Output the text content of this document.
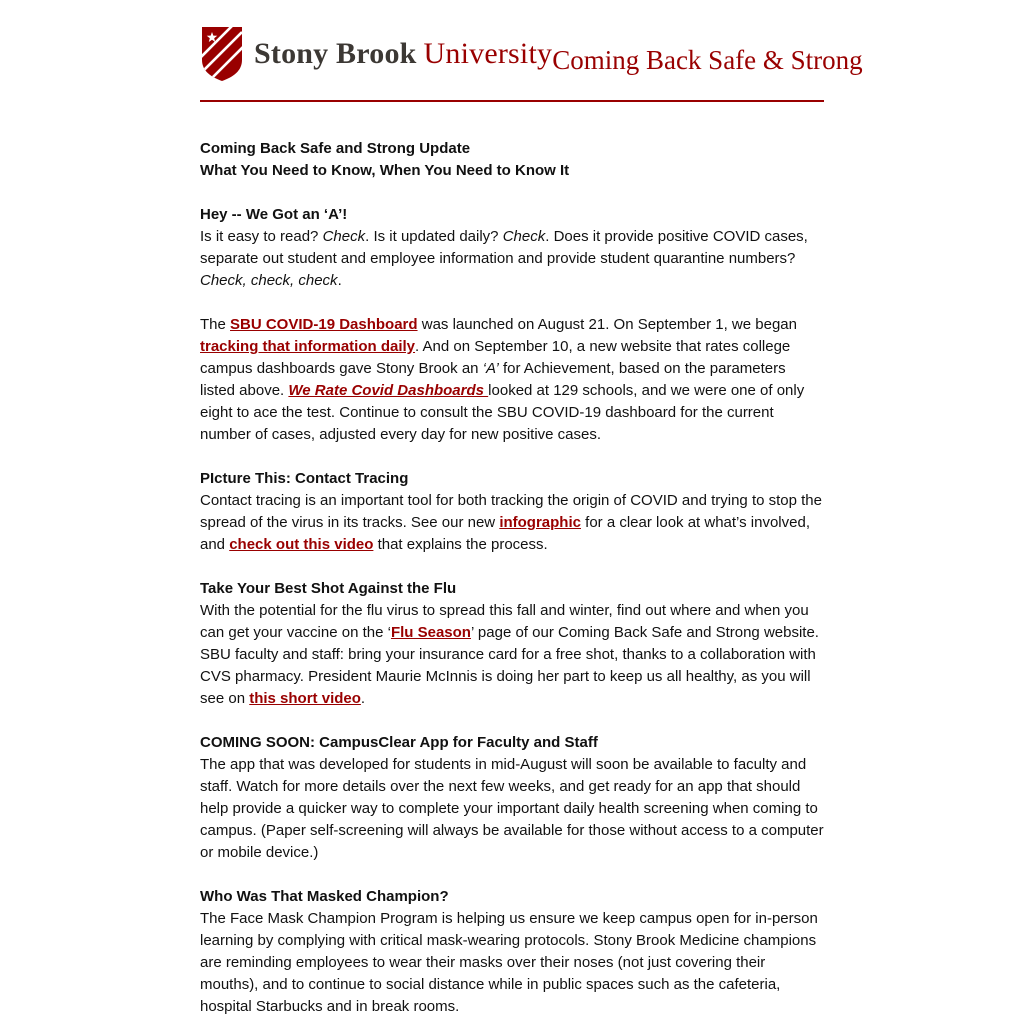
Stony Brook University Coming Back Safe & Strong
Coming Back Safe and Strong Update
What You Need to Know, When You Need to Know It
Hey -- We Got an ‘A’!

Is it easy to read? Check. Is it updated daily? Check. Does it provide positive COVID cases, separate out student and employee information and provide student quarantine numbers? Check, check, check.

The SBU COVID-19 Dashboard was launched on August 21. On September 1, we began tracking that information daily. And on September 10, a new website that rates college campus dashboards gave Stony Brook an ‘A’ for Achievement, based on the parameters listed above. We Rate Covid Dashboards looked at 129 schools, and we were one of only eight to ace the test. Continue to consult the SBU COVID-19 dashboard for the current number of cases, adjusted every day for new positive cases.

PIcture This: Contact Tracing

Contact tracing is an important tool for both tracking the origin of COVID and trying to stop the spread of the virus in its tracks. See our new infographic for a clear look at what’s involved, and check out this video that explains the process.

Take Your Best Shot Against the Flu

With the potential for the flu virus to spread this fall and winter, find out where and when you can get your vaccine on the ‘Flu Season’ page of our Coming Back Safe and Strong website. SBU faculty and staff: bring your insurance card for a free shot, thanks to a collaboration with CVS pharmacy. President Maurie McInnis is doing her part to keep us all healthy, as you will see on this short video.

COMING SOON: CampusClear App for Faculty and Staff

The app that was developed for students in mid-August will soon be available to faculty and staff. Watch for more details over the next few weeks, and get ready for an app that should help provide a quicker way to complete your important daily health screening when coming to campus. (Paper self-screening will always be available for those without access to a computer or mobile device.)

Who Was That Masked Champion?

The Face Mask Champion Program is helping us ensure we keep campus open for in-person learning by complying with critical mask-wearing protocols. Stony Brook Medicine champions are reminding employees to wear their masks over their noses (not just covering their mouths), and to continue to social distance while in public spaces such as the cafeteria, hospital Starbucks and in break rooms.
